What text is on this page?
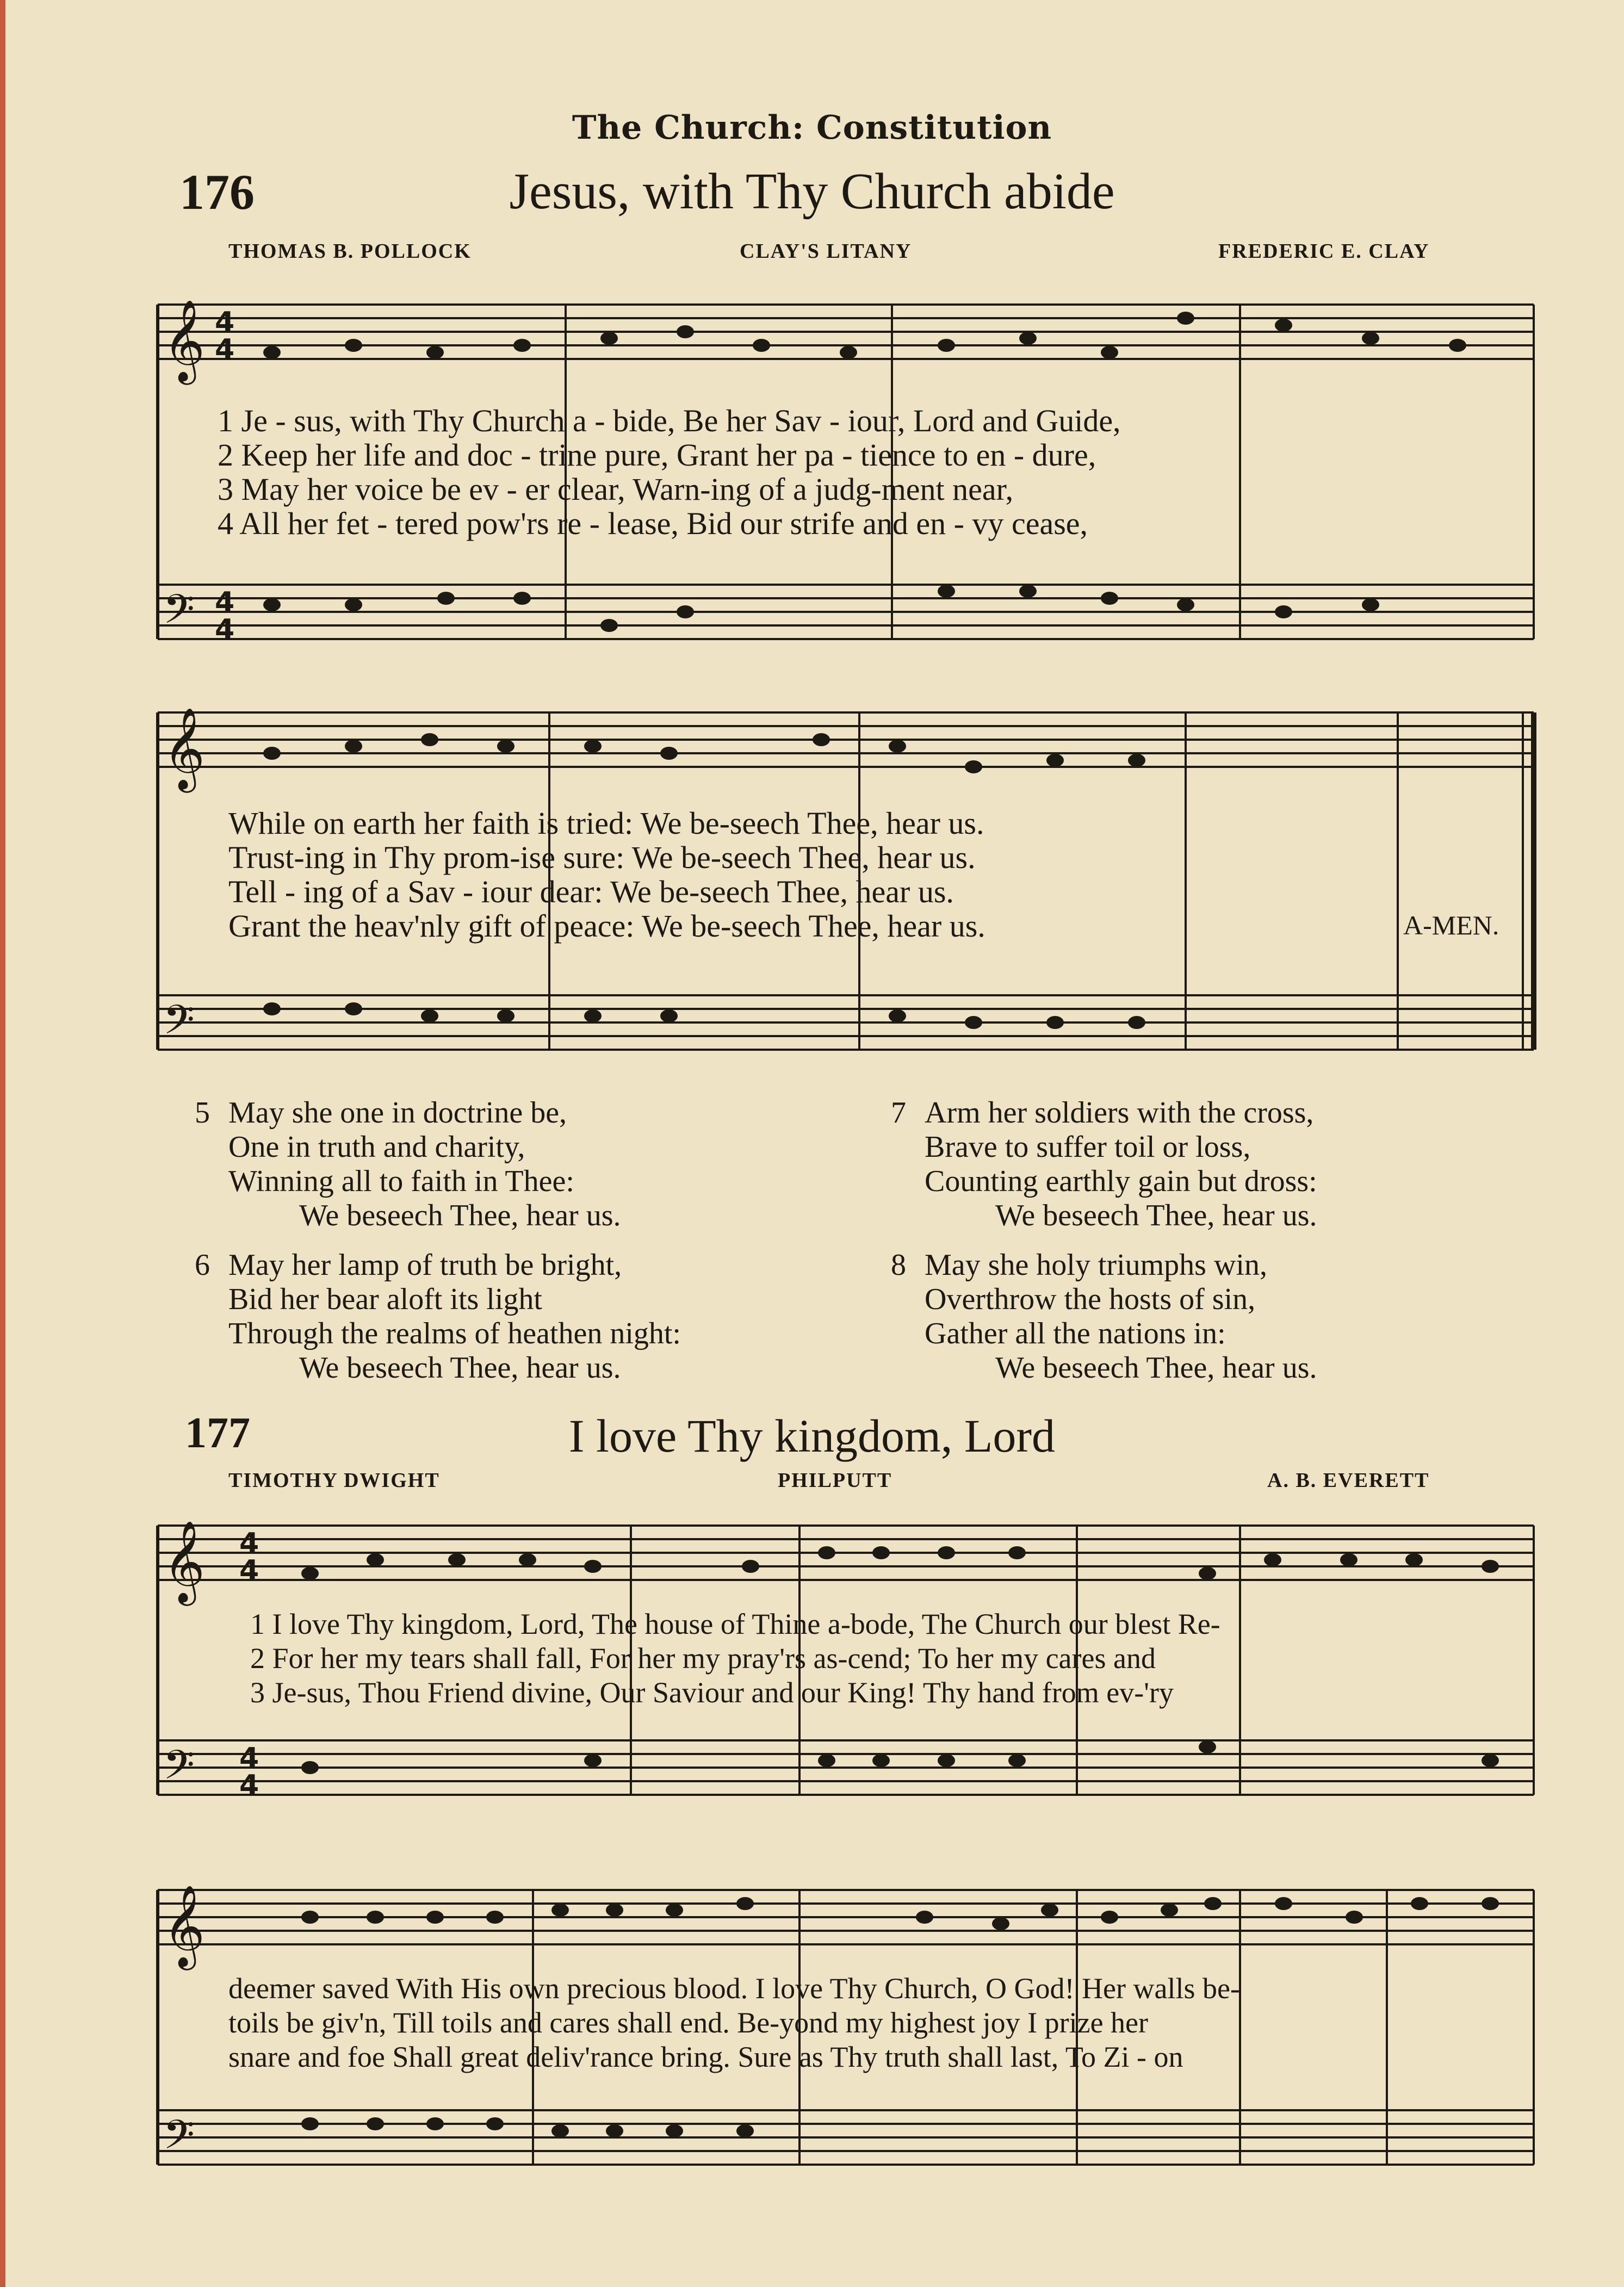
The Church: Constitution
176	Jesus, with Thy Church abide
THOMAS B. POLLOCK	CLAY'S LITANY	FREDERIC E. CLAY
𝄞
𝄢
𝄞
𝄢
𝄞
𝄢
𝄞
𝄢
4
4
4
4
4
4
4
4
1 Je - sus, with Thy Church a - bide, Be her Sav - iour, Lord and Guide,
2 Keep her life and doc - trine pure, Grant her pa - tience to en - dure,
3 May her voice be ev - er clear, Warn-ing of a judg-ment near,
4 All her fet - tered pow'rs re - lease, Bid our strife and en - vy cease,
While on earth her faith is tried: We be-seech Thee, hear us.
Trust-ing in Thy prom-ise sure: We be-seech Thee, hear us.
Tell - ing of a Sav - iour dear: We be-seech Thee, hear us.
Grant the heav'nly gift of peace: We be-seech Thee, hear us.	A-MEN.
5 May she one in doctrine be,
One in truth and charity,
Winning all to faith in Thee:
We beseech Thee, hear us.
6 May her lamp of truth be bright,
Bid her bear aloft its light
Through the realms of heathen night:
We beseech Thee, hear us.
7 Arm her soldiers with the cross,
Brave to suffer toil or loss,
Counting earthly gain but dross:
We beseech Thee, hear us.
8 May she holy triumphs win,
Overthrow the hosts of sin,
Gather all the nations in:
We beseech Thee, hear us.
177	I love Thy kingdom, Lord
TIMOTHY DWIGHT	PHILPUTT	A. B. EVERETT
1 I love Thy kingdom, Lord, The house of Thine a-bode, The Church our blest Re-
2 For her my tears shall fall, For her my pray'rs as-cend; To her my cares and
3 Je-sus, Thou Friend divine, Our Saviour and our King! Thy hand from ev-'ry
deemer saved With His own precious blood. I love Thy Church, O God! Her walls be-
toils be giv'n, Till toils and cares shall end. Be-yond my highest joy I prize her
snare and foe Shall great deliv'rance bring. Sure as Thy truth shall last, To Zi - on
